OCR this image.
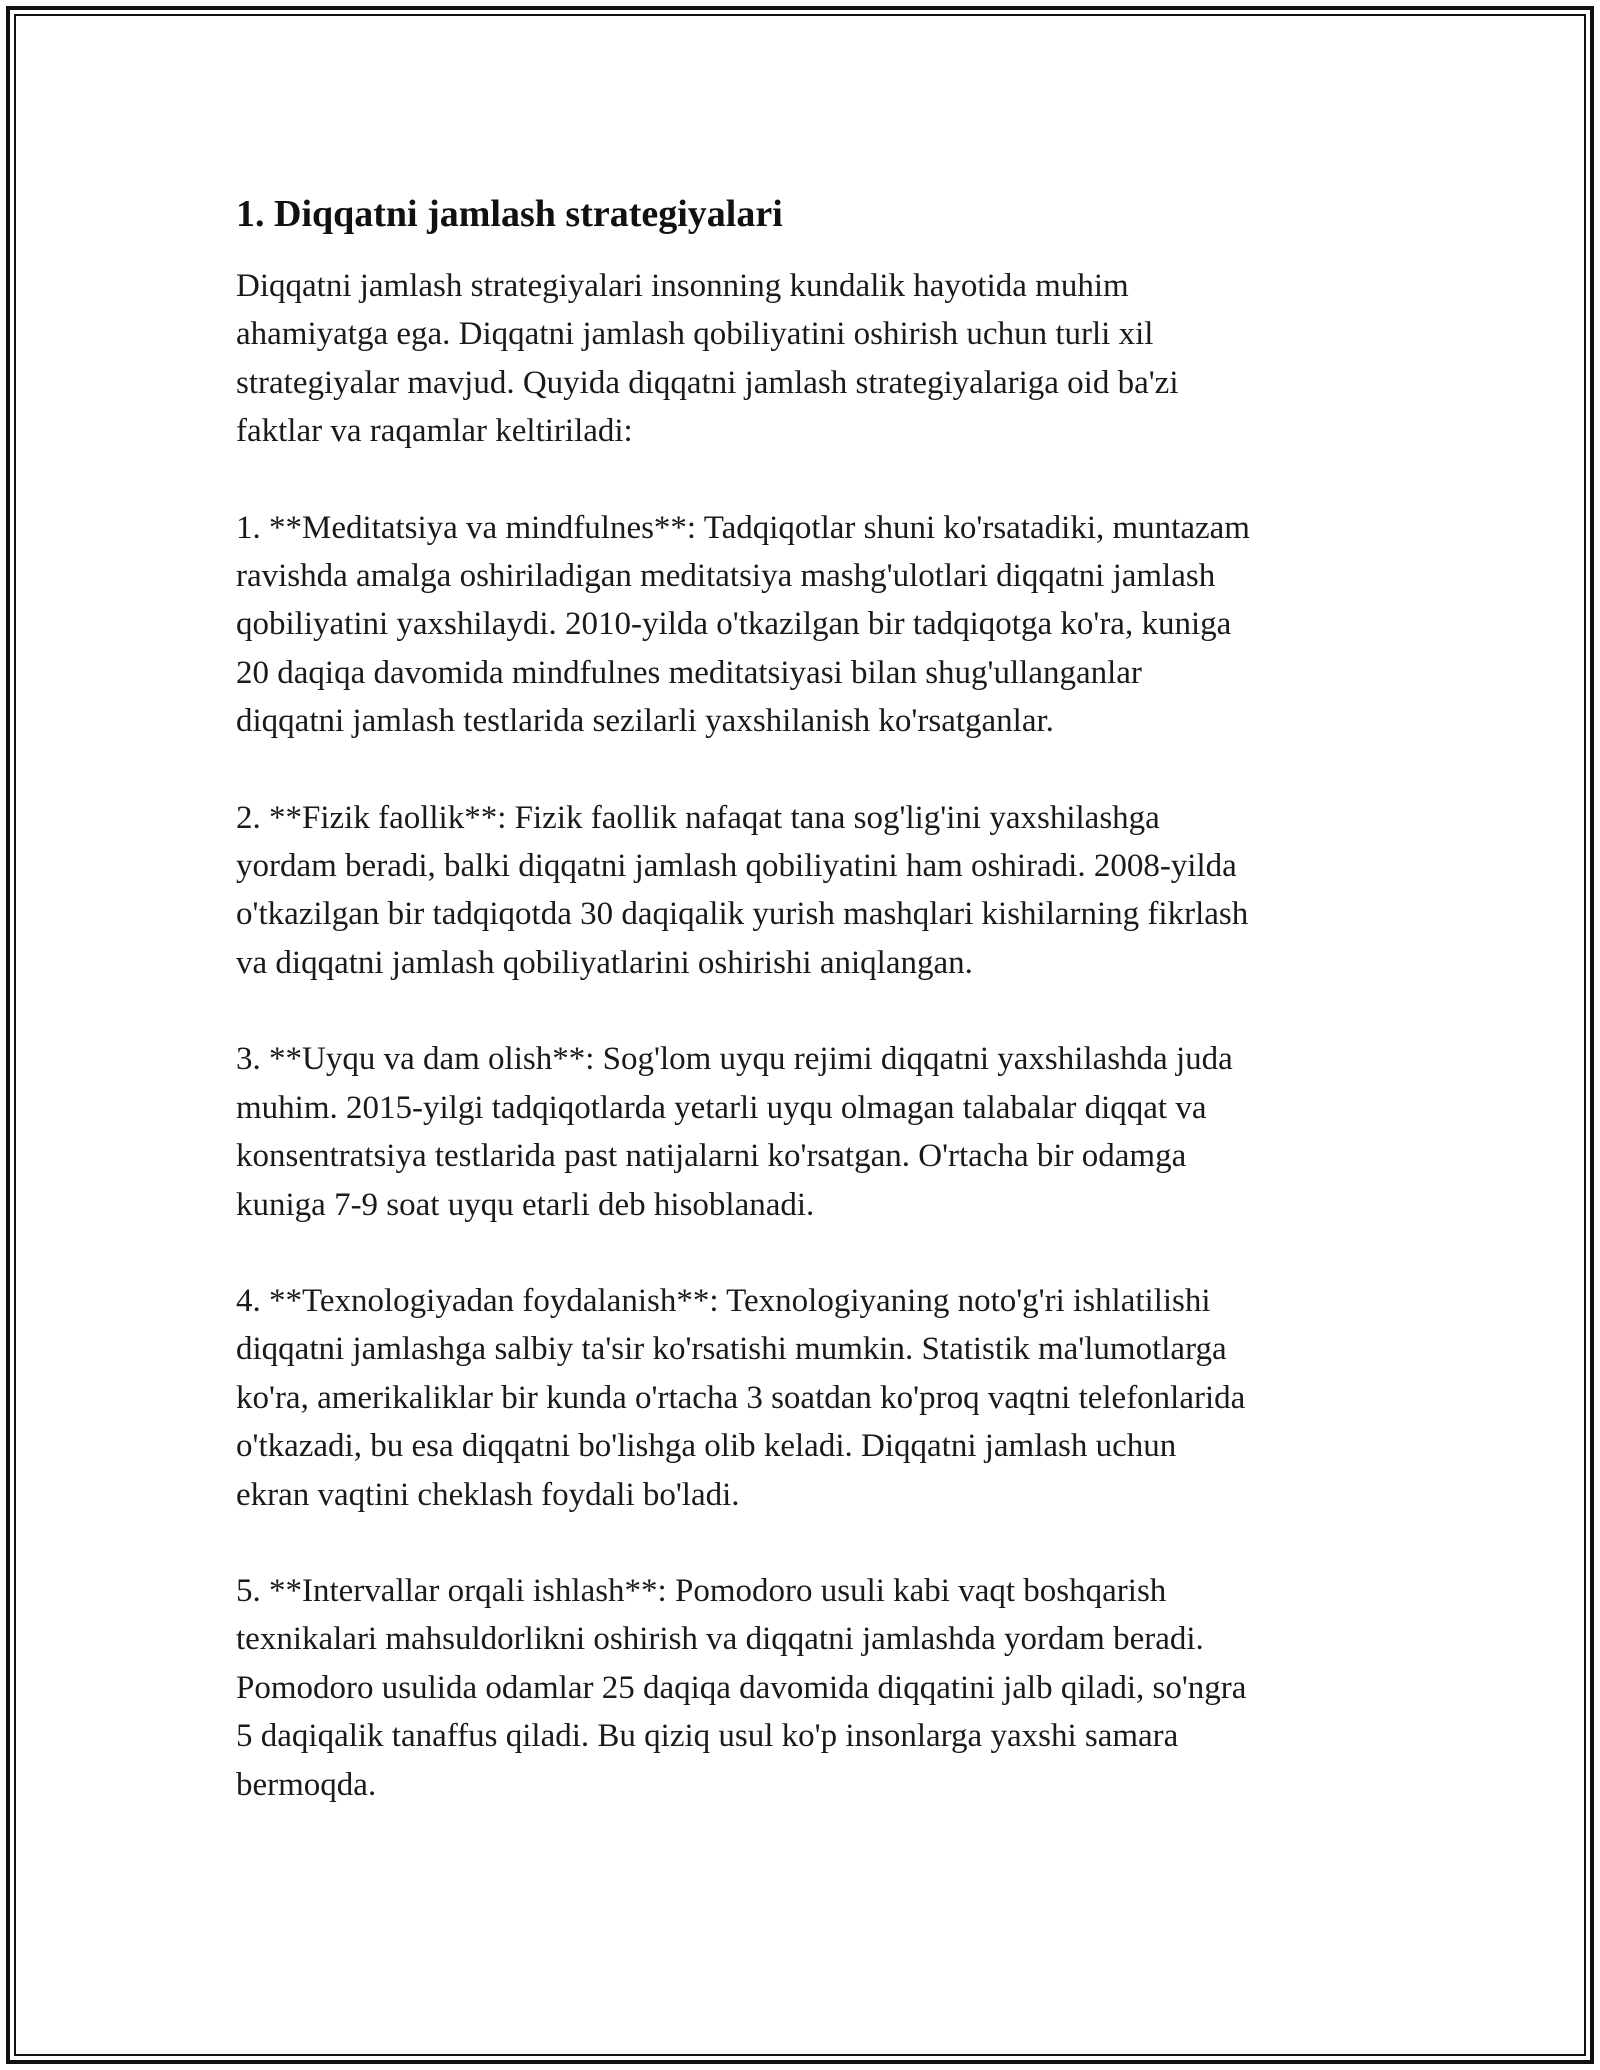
1. Diqqatni jamlash strategiyalari

Diqqatni jamlash strategiyalari insonning kundalik hayotida muhim
ahamiyatga ega. Diqqatni jamlash qobiliyatini oshirish uchun turli xil
strategiyalar mavjud. Quyida diqqatni jamlash strategiyalariga oid ba'zi
faktlar va raqamlar keltiriladi:

1. **Meditatsiya va mindfulnes**: Tadqiqotlar shuni ko'rsatadiki, muntazam
ravishda amalga oshiriladigan meditatsiya mashg'ulotlari diqqatni jamlash
qobiliyatini yaxshilaydi. 2010-yilda o'tkazilgan bir tadqiqotga ko'ra, kuniga
20 daqiqa davomida mindfulnes meditatsiyasi bilan shug'ullanganlar
diqqatni jamlash testlarida sezilarli yaxshilanish ko'rsatganlar.

2. **Fizik faollik**: Fizik faollik nafaqat tana sog'lig'ini yaxshilashga
yordam beradi, balki diqqatni jamlash qobiliyatini ham oshiradi. 2008-yilda
o'tkazilgan bir tadqiqotda 30 daqiqalik yurish mashqlari kishilarning fikrlash
va diqqatni jamlash qobiliyatlarini oshirishi aniqlangan.

3. **Uyqu va dam olish**: Sog'lom uyqu rejimi diqqatni yaxshilashda juda
muhim. 2015-yilgi tadqiqotlarda yetarli uyqu olmagan talabalar diqqat va
konsentratsiya testlarida past natijalarni ko'rsatgan. O'rtacha bir odamga
kuniga 7-9 soat uyqu etarli deb hisoblanadi.

4. **Texnologiyadan foydalanish**: Texnologiyaning noto'g'ri ishlatilishi
diqqatni jamlashga salbiy ta'sir ko'rsatishi mumkin. Statistik ma'lumotlarga
ko'ra, amerikaliklar bir kunda o'rtacha 3 soatdan ko'proq vaqtni telefonlarida
o'tkazadi, bu esa diqqatni bo'lishga olib keladi. Diqqatni jamlash uchun
ekran vaqtini cheklash foydali bo'ladi.

5. **Intervallar orqali ishlash**: Pomodoro usuli kabi vaqt boshqarish
texnikalari mahsuldorlikni oshirish va diqqatni jamlashda yordam beradi.
Pomodoro usulida odamlar 25 daqiqa davomida diqqatini jalb qiladi, so'ngra
5 daqiqalik tanaffus qiladi. Bu qiziq usul ko'p insonlarga yaxshi samara
bermoqda.
